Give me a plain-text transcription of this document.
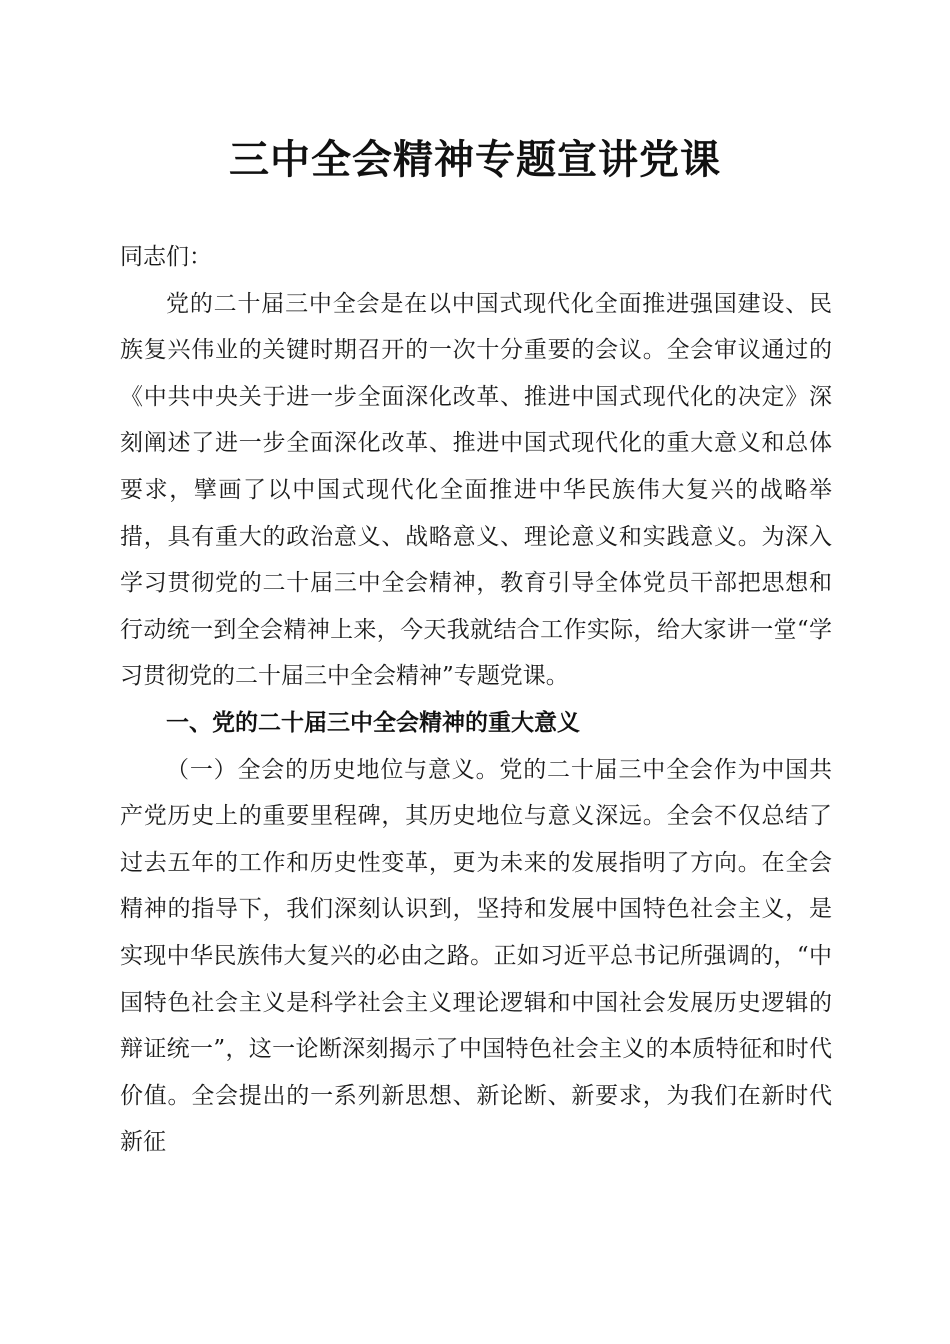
三中全会精神专题宣讲党课

同志们：

党的二十届三中全会是在以中国式现代化全面推进强国建设、民族复兴伟业的关键时期召开的一次十分重要的会议。全会审议通过的《中共中央关于进一步全面深化改革、推进中国式现代化的决定》深刻阐述了进一步全面深化改革、推进中国式现代化的重大意义和总体要求，擘画了以中国式现代化全面推进中华民族伟大复兴的战略举措，具有重大的政治意义、战略意义、理论意义和实践意义。为深入学习贯彻党的二十届三中全会精神，教育引导全体党员干部把思想和行动统一到全会精神上来，今天我就结合工作实际，给大家讲一堂“学习贯彻党的二十届三中全会精神”专题党课。

一、党的二十届三中全会精神的重大意义

（一）全会的历史地位与意义。党的二十届三中全会作为中国共产党历史上的重要里程碑，其历史地位与意义深远。全会不仅总结了过去五年的工作和历史性变革，更为未来的发展指明了方向。在全会精神的指导下，我们深刻认识到，坚持和发展中国特色社会主义，是实现中华民族伟大复兴的必由之路。正如习近平总书记所强调的，“中国特色社会主义是科学社会主义理论逻辑和中国社会发展历史逻辑的辩证统一”，这一论断深刻揭示了中国特色社会主义的本质特征和时代价值。全会提出的一系列新思想、新论断、新要求，为我们在新时代新征
